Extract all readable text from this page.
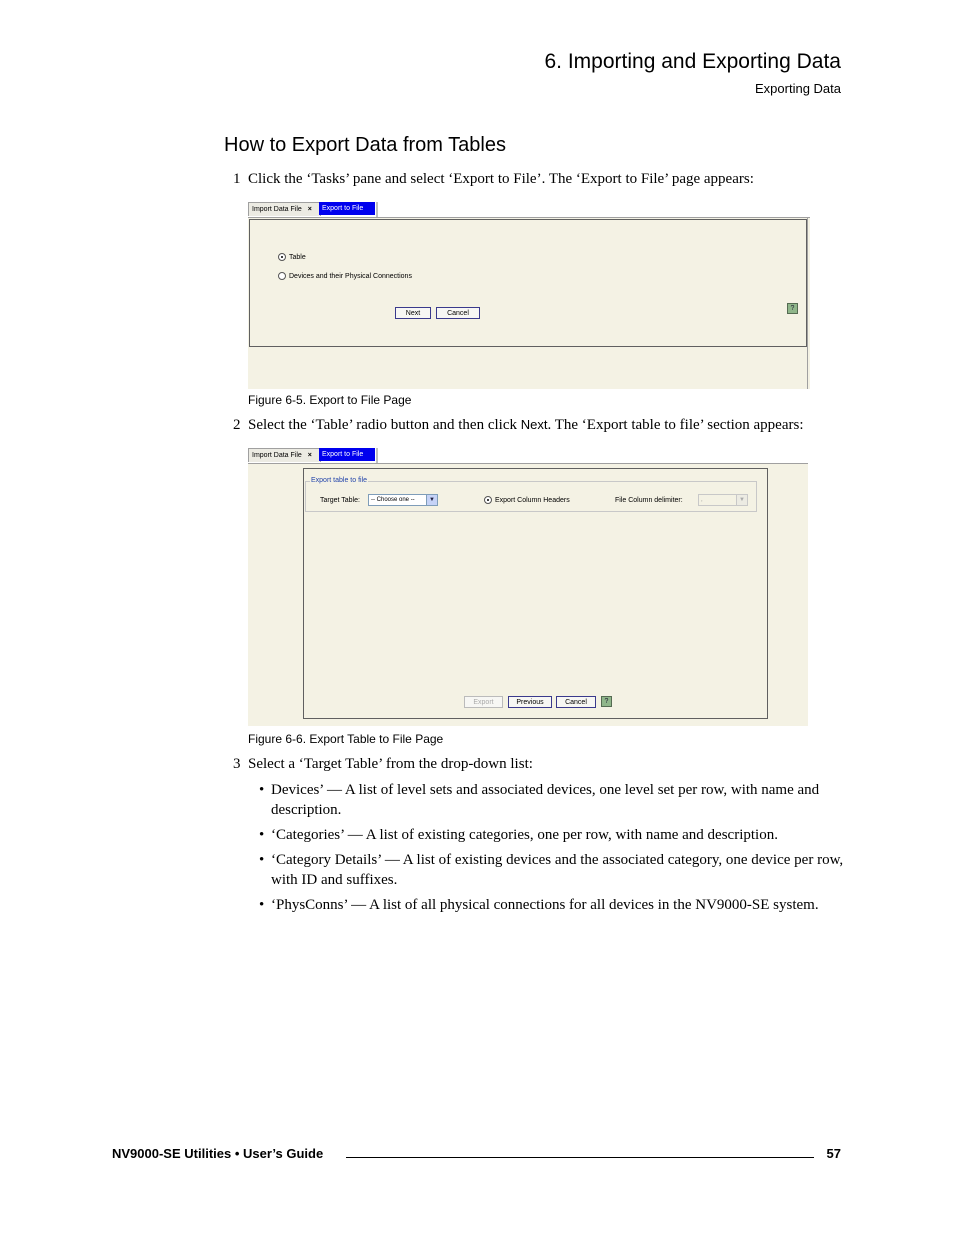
6. Importing and Exporting Data
Exporting Data
How to Export Data from Tables
1 Click the ‘Tasks’ pane and select ‘Export to File’. The ‘Export to File’ page appears:
Import Data File ×	Export to File
Table
Devices and their Physical Connections
Next	Cancel
?
Figure 6-5. Export to File Page
2 Select the ‘Table’ radio button and then click Next. The ‘Export table to file’ section appears:
Import Data File ×	Export to File
Export table to file
Target Table:	-- Choose one --	▼	Export Column Headers	File Column delimiter:	,	▼
Export	Previous	Cancel	?
Figure 6-6. Export Table to File Page
3 Select a ‘Target Table’ from the drop-down list:
• Devices’ — A list of level sets and associated devices, one level set per row, with name and description.
• ‘Categories’ — A list of existing categories, one per row, with name and description.
• ‘Category Details’ — A list of existing devices and the associated category, one device per row, with ID and suffixes.
• ‘PhysConns’ — A list of all physical connections for all devices in the NV9000-SE system.
NV9000-SE Utilities • User’s Guide	57
